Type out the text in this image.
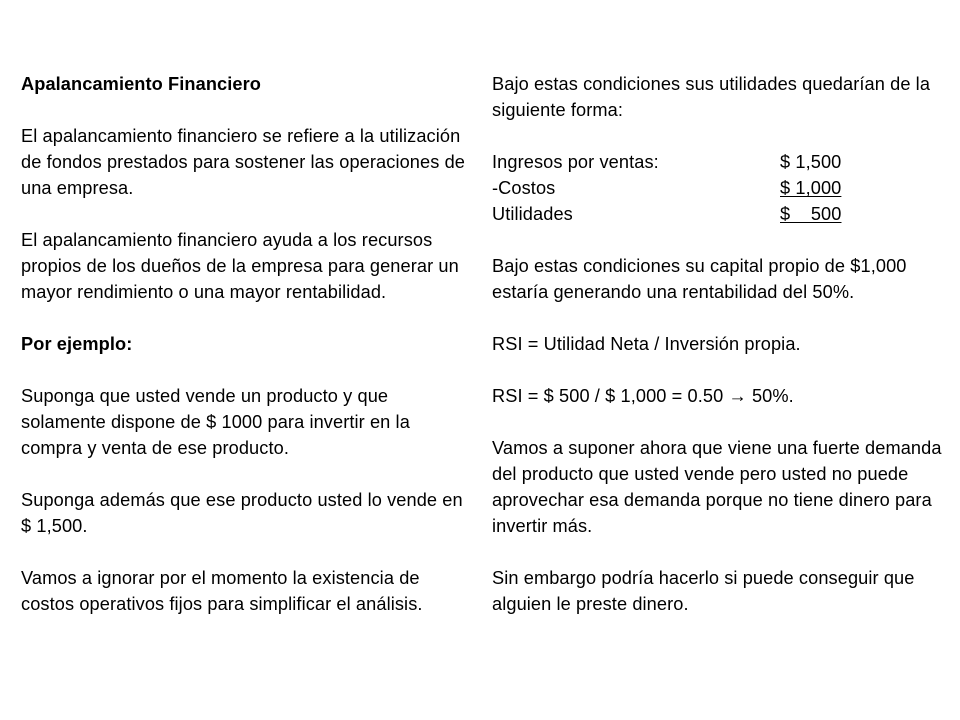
Apalancamiento Financiero
El apalancamiento financiero se refiere a la utilización de fondos prestados para sostener las operaciones de una empresa.
El apalancamiento financiero ayuda a los recursos propios de los dueños de la empresa para generar un mayor rendimiento o una mayor rentabilidad.
Por ejemplo:
Suponga que usted vende un producto y que solamente dispone de $ 1000 para invertir en la compra y venta de ese producto.
Suponga además que ese producto usted lo vende en $ 1,500.
Vamos a ignorar por el momento la existencia de costos operativos fijos para simplificar el análisis.
Bajo estas condiciones sus utilidades quedarían de la siguiente forma:
Ingresos por ventas:	$ 1,500
-Costos	$ 1,000
Utilidades	$    500
Bajo estas condiciones su capital propio de $1,000 estaría generando una rentabilidad del 50%.
RSI = Utilidad Neta / Inversión propia.
RSI = $ 500 / $ 1,000 = 0.50 → 50%.
Vamos a suponer ahora que viene una fuerte demanda del producto que usted vende pero usted no puede aprovechar esa demanda porque no tiene dinero para invertir más.
Sin embargo podría hacerlo si puede conseguir que alguien le preste dinero.
